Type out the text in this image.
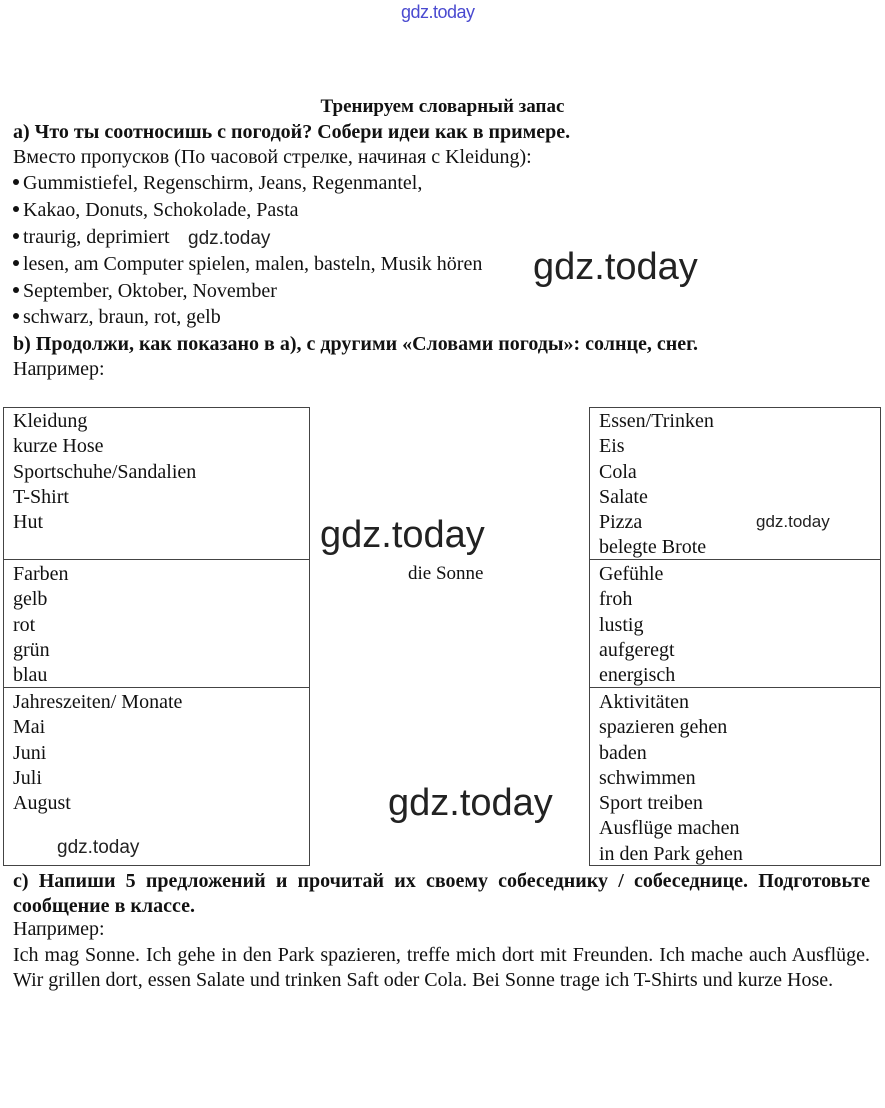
gdz.today
Тренируем словарный запас
а) Что ты соотносишь с погодой? Собери идеи как в примере.
Вместо пропусков (По часовой стрелке, начиная с Kleidung):
Gummistiefel, Regenschirm, Jeans, Regenmantel,
Kakao, Donuts, Schokolade, Pasta
traurig, deprimiert
lesen, am Computer spielen, malen, basteln, Musik hören
September, Oktober, November
schwarz, braun, rot, gelb
b) Продолжи, как показано в а), с другими «Словами погоды»: солнце, снег.
Например:
Kleidung
kurze Hose
Sportschuhe/Sandalien
T-Shirt
Hut
Farben
gelb
rot
grün
blau
Jahreszeiten/ Monate
Mai
Juni
Juli
August
Essen/Trinken
Eis
Cola
Salate
Pizza
belegte Brote
Gefühle
froh
lustig
aufgeregt
energisch
Aktivitäten
spazieren gehen
baden
schwimmen
Sport treiben
Ausflüge machen
in den Park gehen
die Sonne
c) Напиши 5 предложений и прочитай их своему собеседнику / собеседнице. Подготовьте сообщение в классе.
Например:
Ich mag Sonne. Ich gehe in den Park spazieren, treffe mich dort mit Freunden. Ich mache auch Ausflüge. Wir grillen dort, essen Salate und trinken Saft oder Cola. Bei Sonne trage ich T-Shirts und kurze Hose.
gdz.today
gdz.today
gdz.today	gdz.today
gdz.today
gdz.today
